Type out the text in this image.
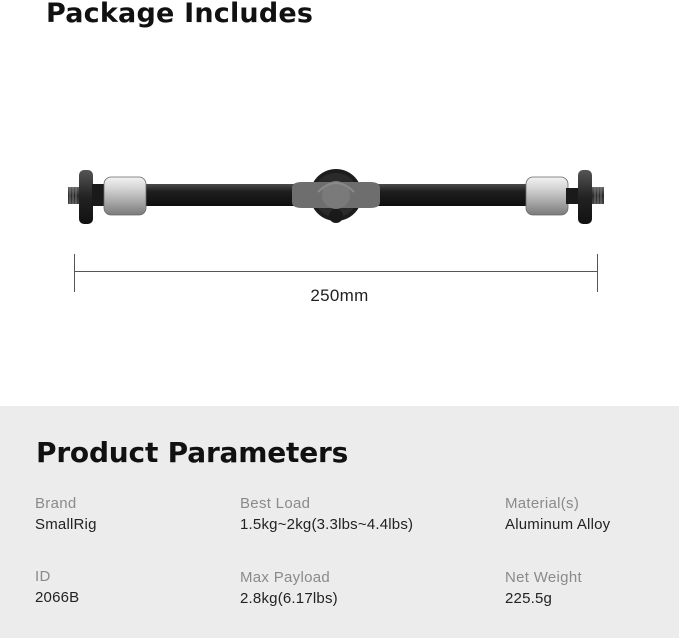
Package Includes
250mm
Product Parameters
Brand
SmallRig
Best Load
1.5kg~2kg(3.3lbs~4.4lbs)
Material(s)
Aluminum Alloy
ID
2066B
Max Payload
2.8kg(6.17lbs)
Net Weight
225.5g
